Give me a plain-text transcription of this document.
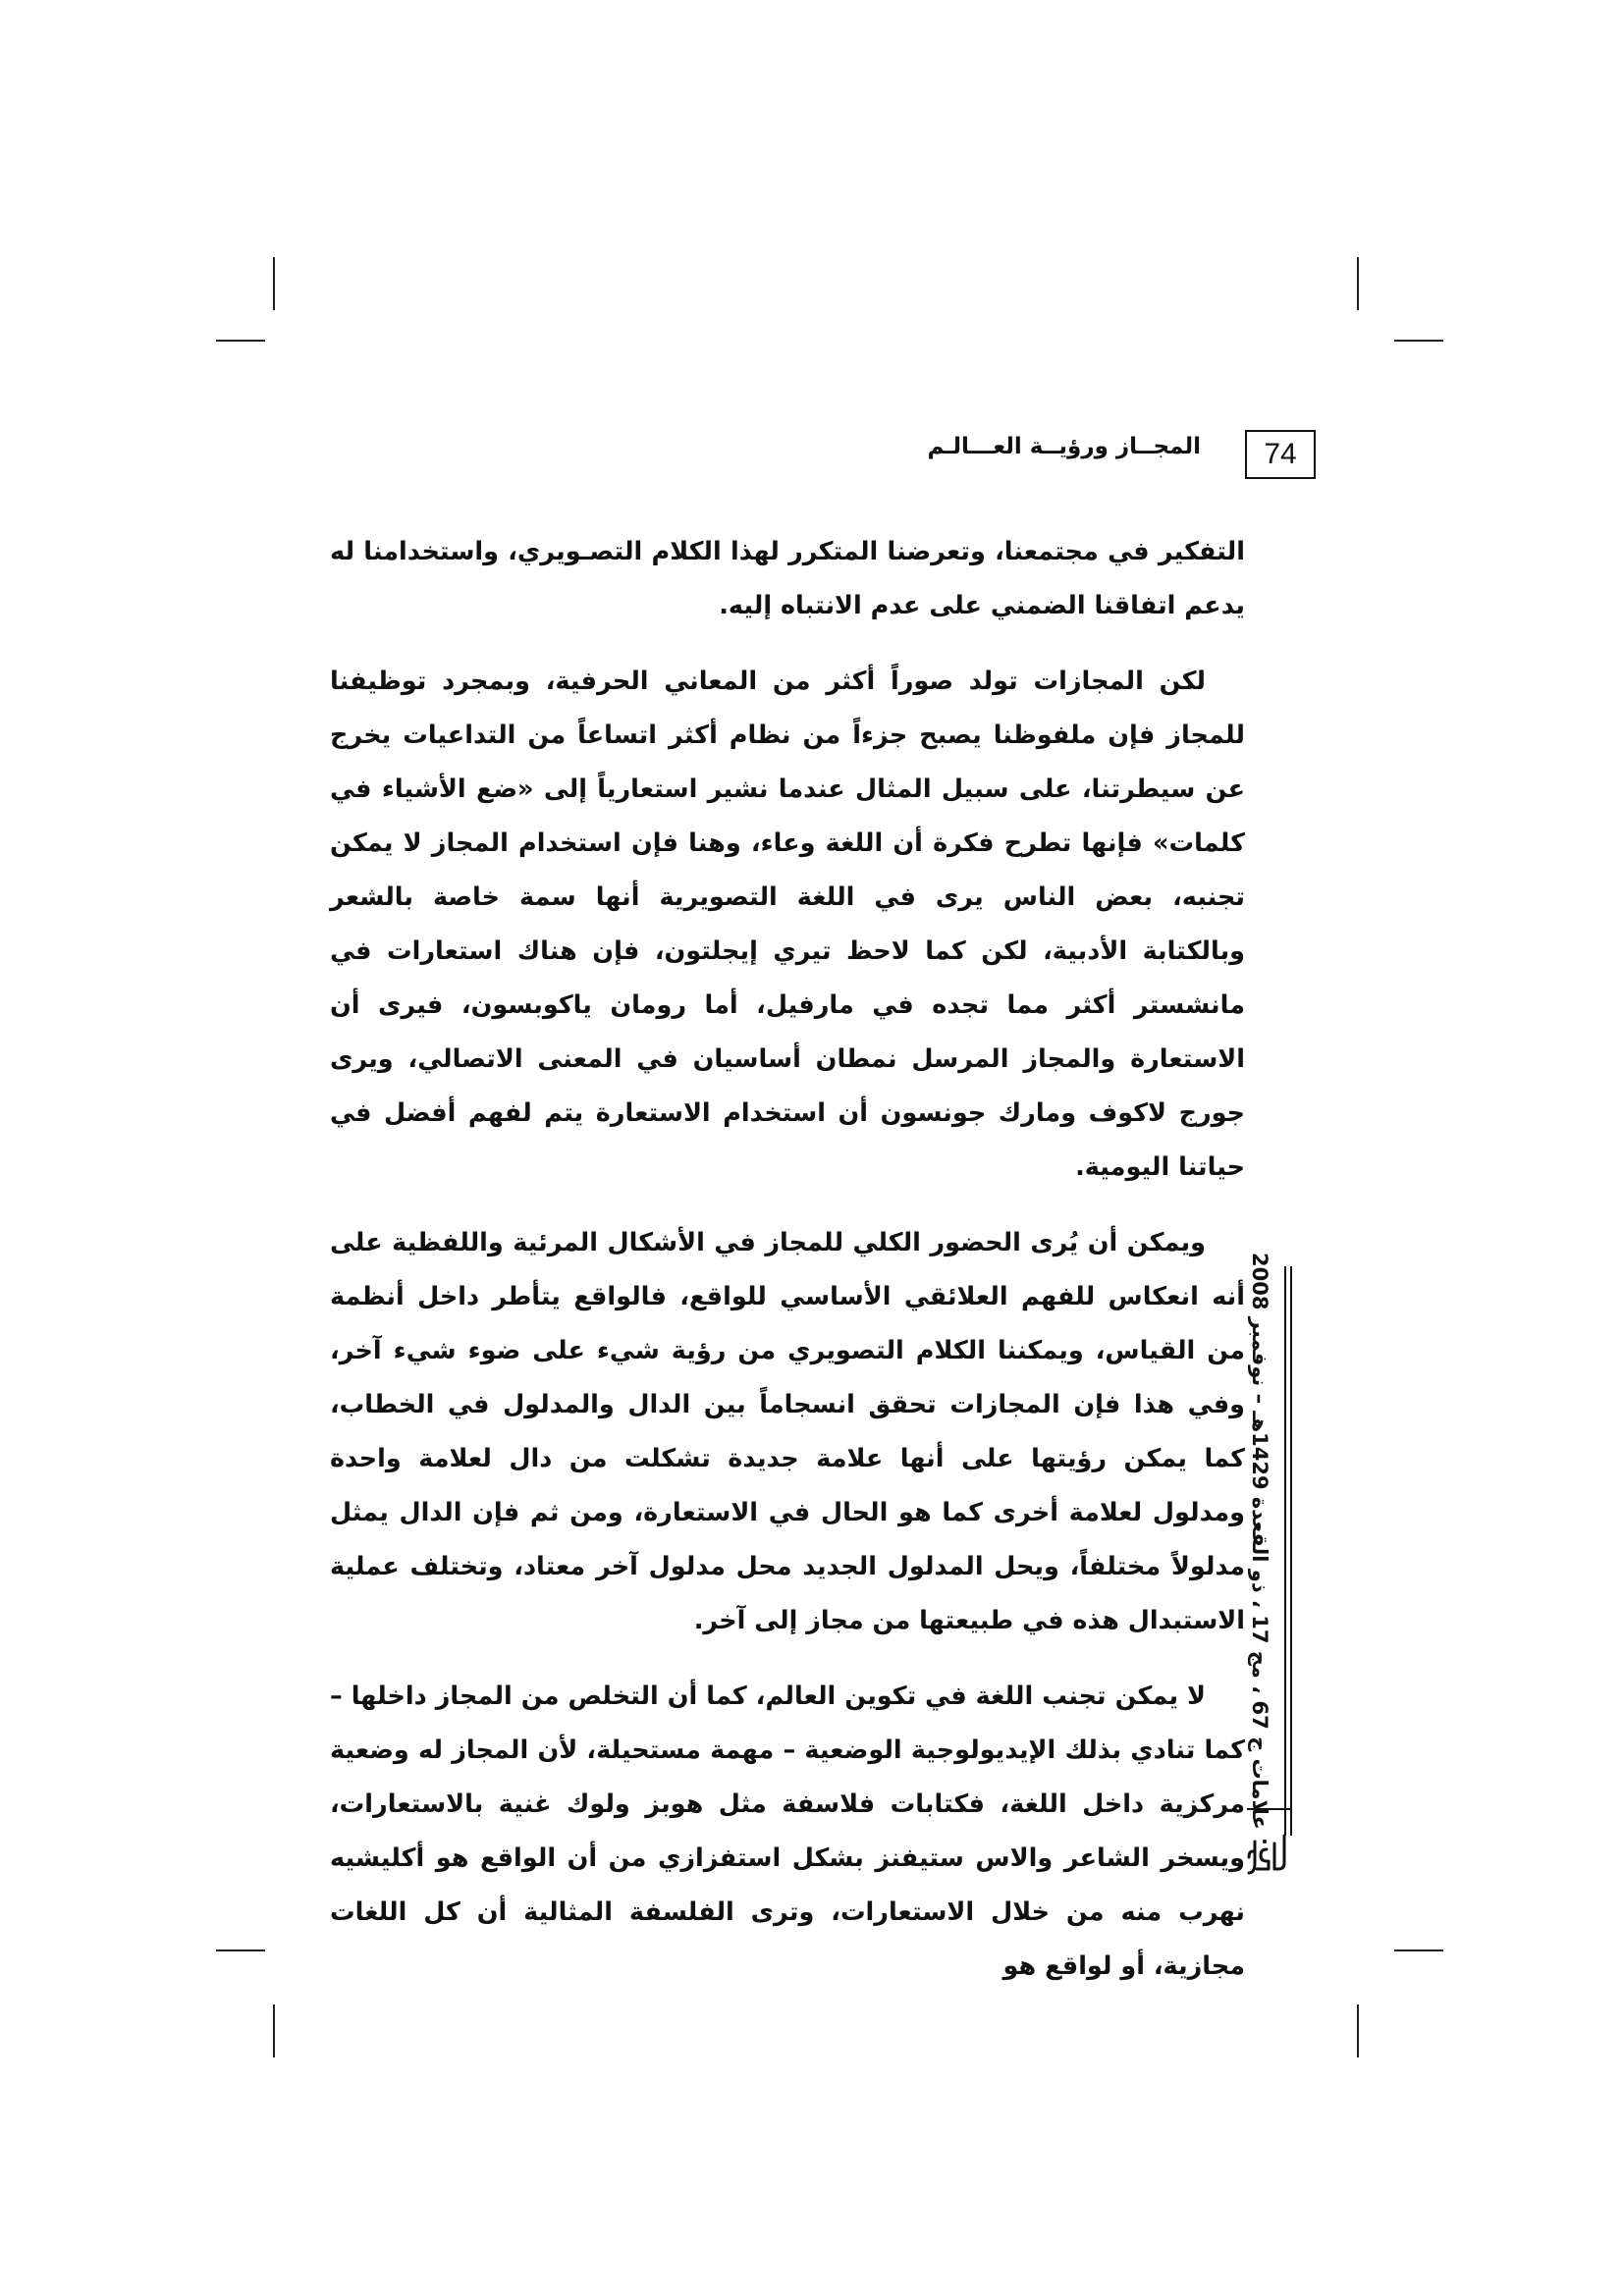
74
المجــاز ورؤيــة العـــالـم

التفكير في مجتمعنا، وتعرضنا المتكرر لهذا الكلام التصـويري، واستخدامنا له يدعم اتفاقنا الضمني على عدم الانتباه إليه.

لكن المجازات تولد صوراً أكثر من المعاني الحرفية، وبمجرد توظيفنا للمجاز فإن ملفوظنا يصبح جزءاً من نظام أكثر اتساعاً من التداعيات يخرج عن سيطرتنا، على سبيل المثال عندما نشير استعارياً إلى «ضع الأشياء في كلمات» فإنها تطرح فكرة أن اللغة وعاء، وهنا فإن استخدام المجاز لا يمكن تجنبه، بعض الناس يرى في اللغة التصويرية أنها سمة خاصة بالشعر وبالكتابة الأدبية، لكن كما لاحظ تيري إيجلتون، فإن هناك استعارات في مانشستر أكثر مما تجده في مارفيل، أما رومان ياكوبسون، فيرى أن الاستعارة والمجاز المرسل نمطان أساسيان في المعنى الاتصالي، ويرى جورج لاكوف ومارك جونسون أن استخدام الاستعارة يتم لفهم أفضل في حياتنا اليومية.

ويمكن أن يُرى الحضور الكلي للمجاز في الأشكال المرئية واللفظية على أنه انعكاس للفهم العلائقي الأساسي للواقع، فالواقع يتأطر داخل أنظمة من القياس، ويمكننا الكلام التصويري من رؤية شيء على ضوء شيء آخر، وفي هذا فإن المجازات تحقق انسجاماً بين الدال والمدلول في الخطاب، كما يمكن رؤيتها على أنها علامة جديدة تشكلت من دال لعلامة واحدة ومدلول لعلامة أخرى كما هو الحال في الاستعارة، ومن ثم فإن الدال يمثل مدلولاً مختلفاً، ويحل المدلول الجديد محل مدلول آخر معتاد، وتختلف عملية الاستبدال هذه في طبيعتها من مجاز إلى آخر.

لا يمكن تجنب اللغة في تكوين العالم، كما أن التخلص من المجاز داخلها – كما تنادي بذلك الإيديولوجية الوضعية – مهمة مستحيلة، لأن المجاز له وضعية مركزية داخل اللغة، فكتابات فلاسفة مثل هوبز ولوك غنية بالاستعارات، ويسخر الشاعر والاس ستيفنز بشكل استفزازي من أن الواقع هو أكليشيه نهرب منه من خلال الاستعارات، وترى الفلسفة المثالية أن كل اللغات مجازية، أو لواقع هو

علامات ج 67 ، مج 17 ، ذو القعدة 1429هـ – نوفمبر 2008
